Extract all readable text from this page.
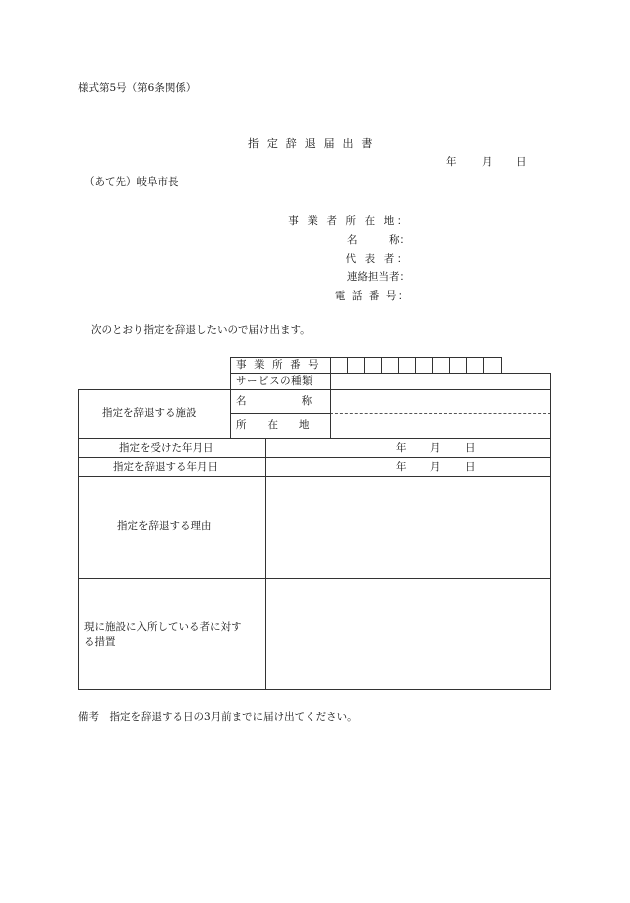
様式第5号（第6条関係）
指 定 辞 退 届 出 書
年 月 日
（あて先）岐阜市長
事 業 者 所 在 地：
名　　　称：
代 表 者：
連絡担当者：
電 話 番 号：
次のとおり指定を辞退したいので届け出ます。
事 業 所 番 号
サービスの種類
指定を辞退する施設
名　　　　称
所　　在　　地
指定を受けた年月日	年 月 日
指定を辞退する年月日	年 月 日
指定を辞退する理由
現に施設に入所している者に対す
る措置
備考　指定を辞退する日の3月前までに届け出てください。
